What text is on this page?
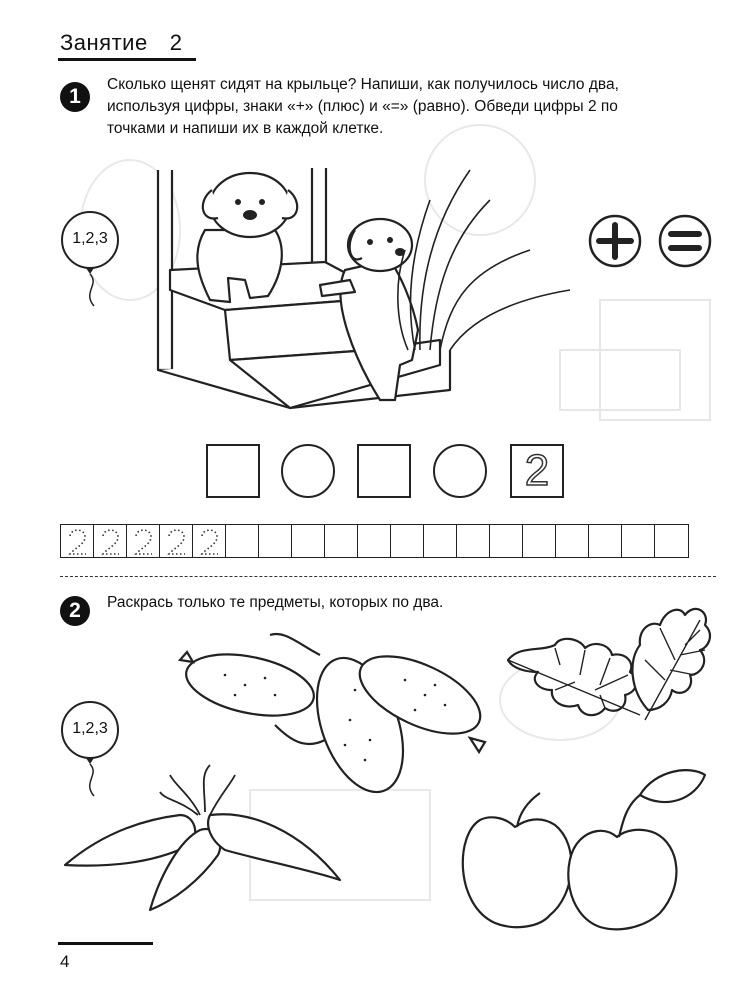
Занятие 2
1
Сколько щенят сидят на крыльце? Напиши, как получилось число два,
используя цифры, знаки «+» (плюс) и «=» (равно). Обведи цифры 2 по
точками и напиши их в каждой клетке.
1,2,3
2
2	Раскрась только те предметы, которых по два.
1,2,3
4
